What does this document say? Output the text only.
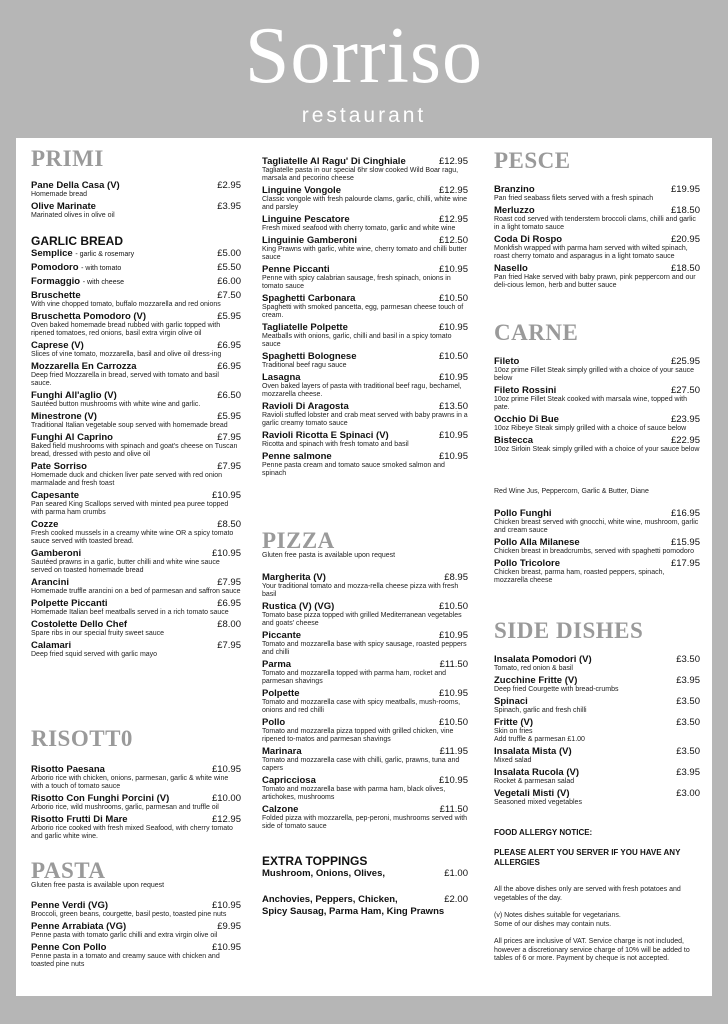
Sorriso
restaurant
PRIMI
Pane Della Casa (V)	£2.95
Homemade bread
Olive Marinate	£3.95
Marinated olives in olive oil
GARLIC BREAD
Semplice - garlic & rosemary	£5.00
Pomodoro - with tomato	£5.50
Formaggio - with cheese	£6.00
Bruschette	£7.50
With vine chopped tomato, buffalo mozzarella and red onions
Bruschetta Pomodoro (V)	£5.95
Oven baked homemade bread rubbed with garlic topped with ripened tomatoes, red onions, basil extra virgin olive oil
Caprese (V)	£6.95
Slices of vine tomato, mozzarella, basil and olive oil dress-ing
Mozzarella En Carrozza	£6.95
Deep fried Mozzarella in bread, served with tomato and basil sauce.
Funghi All'aglio (V)	£6.50
Sautéed button mushrooms with white wine and garlic.
Minestrone (V)	£5.95
Traditional Italian vegetable soup served with homemade bread
Funghi Al Caprino	£7.95
Baked field mushrooms with spinach and goat's cheese on Tuscan bread, dressed with pesto and olive oil
Pate Sorriso	£7.95
Homemade duck and chicken liver pate served with red onion marmalade and fresh toast
Capesante	£10.95
Pan seared King Scallops served with minted pea puree topped with parma ham crumbs
Cozze	£8.50
Fresh cooked mussels in a creamy white wine OR a spicy tomato sauce served with toasted bread.
Gamberoni	£10.95
Sautéed prawns in a garlic, butter chilli and white wine sauce served on toasted homemade bread
Arancini	£7.95
Homemade truffle arancini on a bed of parmesan and saffron sauce
Polpette Piccanti	£6.95
Homemade Italian beef meatballs served in a rich tomato sauce
Costolette Dello Chef	£8.00
Spare ribs in our special fruity sweet sauce
Calamari	£7.95
Deep fried squid served with garlic mayo
RISOTT0
Risotto Paesana	£10.95
Arborio rice with chicken, onions, parmesan, garlic & white wine with a touch of tomato sauce
Risotto Con Funghi Porcini (V)	£10.00
Arborio rice, wild mushrooms, garlic, parmesan and truffle oil
Risotto Frutti Di Mare	£12.95
Arborio rice cooked with fresh mixed Seafood, with cherry tomato and garlic white wine.
PASTA
Gluten free pasta is available upon request
Penne Verdi (VG)	£10.95
Broccoli, green beans, courgette, basil pesto, toasted pine nuts
Penne Arrabiata (VG)	£9.95
Penne pasta with tomato garlic chilli and extra virgin olive oil
Penne Con Pollo	£10.95
Penne pasta in a tomato and creamy sauce with chicken and toasted pine nuts
Tagliatelle Al Ragu' Di Cinghiale	£12.95
Tagliatelle pasta in our special 6hr slow cooked Wild Boar ragu, marsala and pecorino cheese
Linguine Vongole	£12.95
Classic vongole with fresh palourde clams, garlic, chilli, white wine and parsley
Linguine Pescatore	£12.95
Fresh mixed seafood with cherry tomato, garlic and white wine
Linguinie Gamberoni	£12.50
King Prawns with garlic, white wine, cherry tomato and chilli butter sauce
Penne Piccanti	£10.95
Penne with spicy calabrian sausage, fresh spinach, onions in tomato sauce
Spaghetti Carbonara	£10.50
Spaghetti with smoked pancetta, egg, parmesan cheese touch of cream.
Tagliatelle Polpette	£10.95
Meatballs with onions, garlic, chilli and basil in a spicy tomato sauce
Spaghetti Bolognese	£10.50
Traditional beef ragu sauce
Lasagna	£10.95
Oven baked layers of pasta with traditional beef ragu, bechamel, mozzarella cheese.
Ravioli Di Aragosta	£13.50
Ravioli stuffed lobster and crab meat served with baby prawns in a garlic creamy tomato sauce
Ravioli Ricotta E Spinaci (V)	£10.95
Ricotta and spinach with fresh tomato and basil
Penne salmone	£10.95
Penne pasta cream and tomato sauce smoked salmon and spinach
PIZZA
Gluten free pasta is available upon request
Margherita (V)	£8.95
Your traditional tomato and mozza-rella cheese pizza with fresh basil
Rustica (V) (VG)	£10.50
Tomato base pizza topped with grilled Mediterranean vegetables and goats' cheese
Piccante	£10.95
Tomato and mozzarella base with spicy sausage, roasted peppers and chilli
Parma	£11.50
Tomato and mozzarella topped with parma ham, rocket and parmesan shavings
Polpette	£10.95
Tomato and mozzarella case with spicy meatballs, mush-rooms, onions and red chilli
Pollo	£10.50
Tomato and mozzarella pizza topped with grilled chicken, vine ripened to-matos and parmesan shavings
Marinara	£11.95
Tomato and mozzarella case with chilli, garlic, prawns, tuna and capers
Capricciosa	£10.95
Tomato and mozzarella base with parma ham, black olives, artichokes, mushrooms
Calzone	£11.50
Folded pizza with mozzarella, pep-peroni, mushrooms served with side of tomato sauce
EXTRA TOPPINGS
Mushroom, Onions, Olives,	£1.00
Anchovies, Peppers, Chicken,	£2.00
Spicy Sausag, Parma Ham, King Prawns
PESCE
Branzino	£19.95
Pan fried seabass filets served with a fresh spinach
Merluzzo	£18.50
Roast cod served with tenderstem broccoli clams, chilli and garlic in a light tomato sauce
Coda Di Rospo	£20.95
Monkfish wrapped with parma ham served with wilted spinach, roast cherry tomato and asparagus in a light tomato sauce
Nasello	£18.50
Pan fried Hake served with baby prawn, pink peppercorn and our deli-cious lemon, herb and butter sauce
CARNE
Fileto	£25.95
10oz prime Fillet Steak simply grilled with a choice of your sauce below
Fileto Rossini	£27.50
10oz prime Fillet Steak cooked with marsala wine, topped with pate.
Occhio Di Bue	£23.95
10oz Ribeye Steak simply grilled with a choice of sauce below
Bistecca	£22.95
10oz Sirloin Steak simply grilled with a choice of your sauce below
Red Wine Jus, Peppercorn, Garlic & Butter, Diane
Pollo Funghi	£16.95
Chicken breast served with gnocchi, white wine, mushroom, garlic and cream sauce
Pollo Alla Milanese	£15.95
Chicken breast in breadcrumbs, served with spaghetti pomodoro
Pollo Tricolore	£17.95
Chicken breast, parma ham, roasted peppers, spinach, mozzarella cheese
SIDE DISHES
Insalata Pomodori (V)	£3.50
Tomato, red onion & basil
Zucchine Fritte (V)	£3.95
Deep fried Courgette with bread-crumbs
Spinaci	£3.50
Spinach, garlic and fresh chilli
Fritte (V)	£3.50
Skin on fries
Add truffle & parmesan £1.00
Insalata Mista (V)	£3.50
Mixed salad
Insalata Rucola (V)	£3.95
Rocket & parmesan salad
Vegetali Misti (V)	£3.00
Seasoned mixed vegetables
FOOD ALLERGY NOTICE:
PLEASE ALERT YOU SERVER IF YOU HAVE ANY ALLERGIES
All the above dishes only are served with fresh potatoes and vegetables of the day.
(v) Notes dishes suitable for vegetarians.
Some of our dishes may contain nuts.
All prices are inclusive of VAT. Service charge is not included, however a discretionary service charge of 10% will be added to tables of 6 or more. Payment by cheque is not accepted.
